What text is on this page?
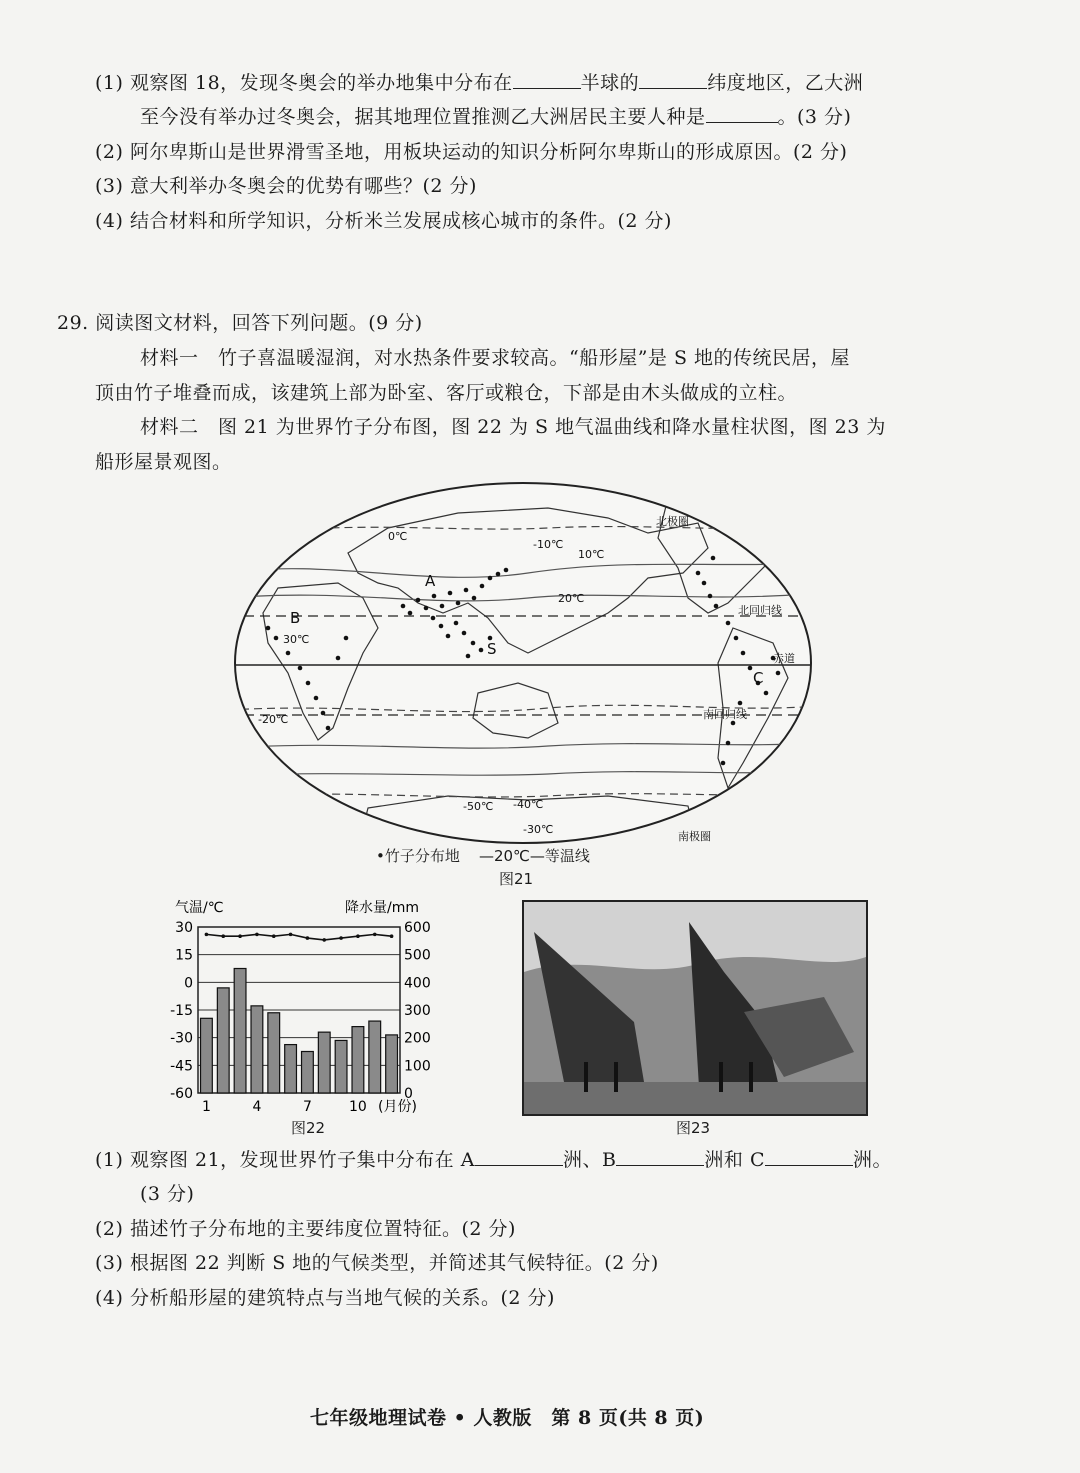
(1) 观察图 18，发现冬奥会的举办地集中分布在	半球的	纬度地区，乙大洲
至今没有举办过冬奥会，据其地理位置推测乙大洲居民主要人种是	。(3 分)
(2) 阿尔卑斯山是世界滑雪圣地，用板块运动的知识分析阿尔卑斯山的形成原因。(2 分)
(3) 意大利举办冬奥会的优势有哪些？(2 分)
(4) 结合材料和所学知识，分析米兰发展成核心城市的条件。(2 分)
29. 阅读图文材料，回答下列问题。(9 分)
材料一　竹子喜温暖湿润，对水热条件要求较高。“船形屋”是 S 地的传统民居，屋
顶由竹子堆叠而成，该建筑上部为卧室、客厅或粮仓，下部是由木头做成的立柱。
材料二　图 21 为世界竹子分布图，图 22 为 S 地气温曲线和降水量柱状图，图 23 为
船形屋景观图。
A
B
C
S
北极圈
北回归线
赤道
南回归线
南极圈
0℃
10℃
20℃
30℃
-10℃
-20℃
-30℃
-40℃
-50℃
•竹子分布地 —20℃—等温线
图21
气温/℃	降水量/mm
(月份)
30	600
15	500
0	400
-15	300
-30	200
-45	100
-60	0
1	4	7	10
图22	图23
(1) 观察图 21，发现世界竹子集中分布在 A	洲、B	洲和 C	洲。
(3 分)
(2) 描述竹子分布地的主要纬度位置特征。(2 分)
(3) 根据图 22 判断 S 地的气候类型，并简述其气候特征。(2 分)
(4) 分析船形屋的建筑特点与当地气候的关系。(2 分)
七年级地理试卷 • 人教版　第 8 页(共 8 页)
